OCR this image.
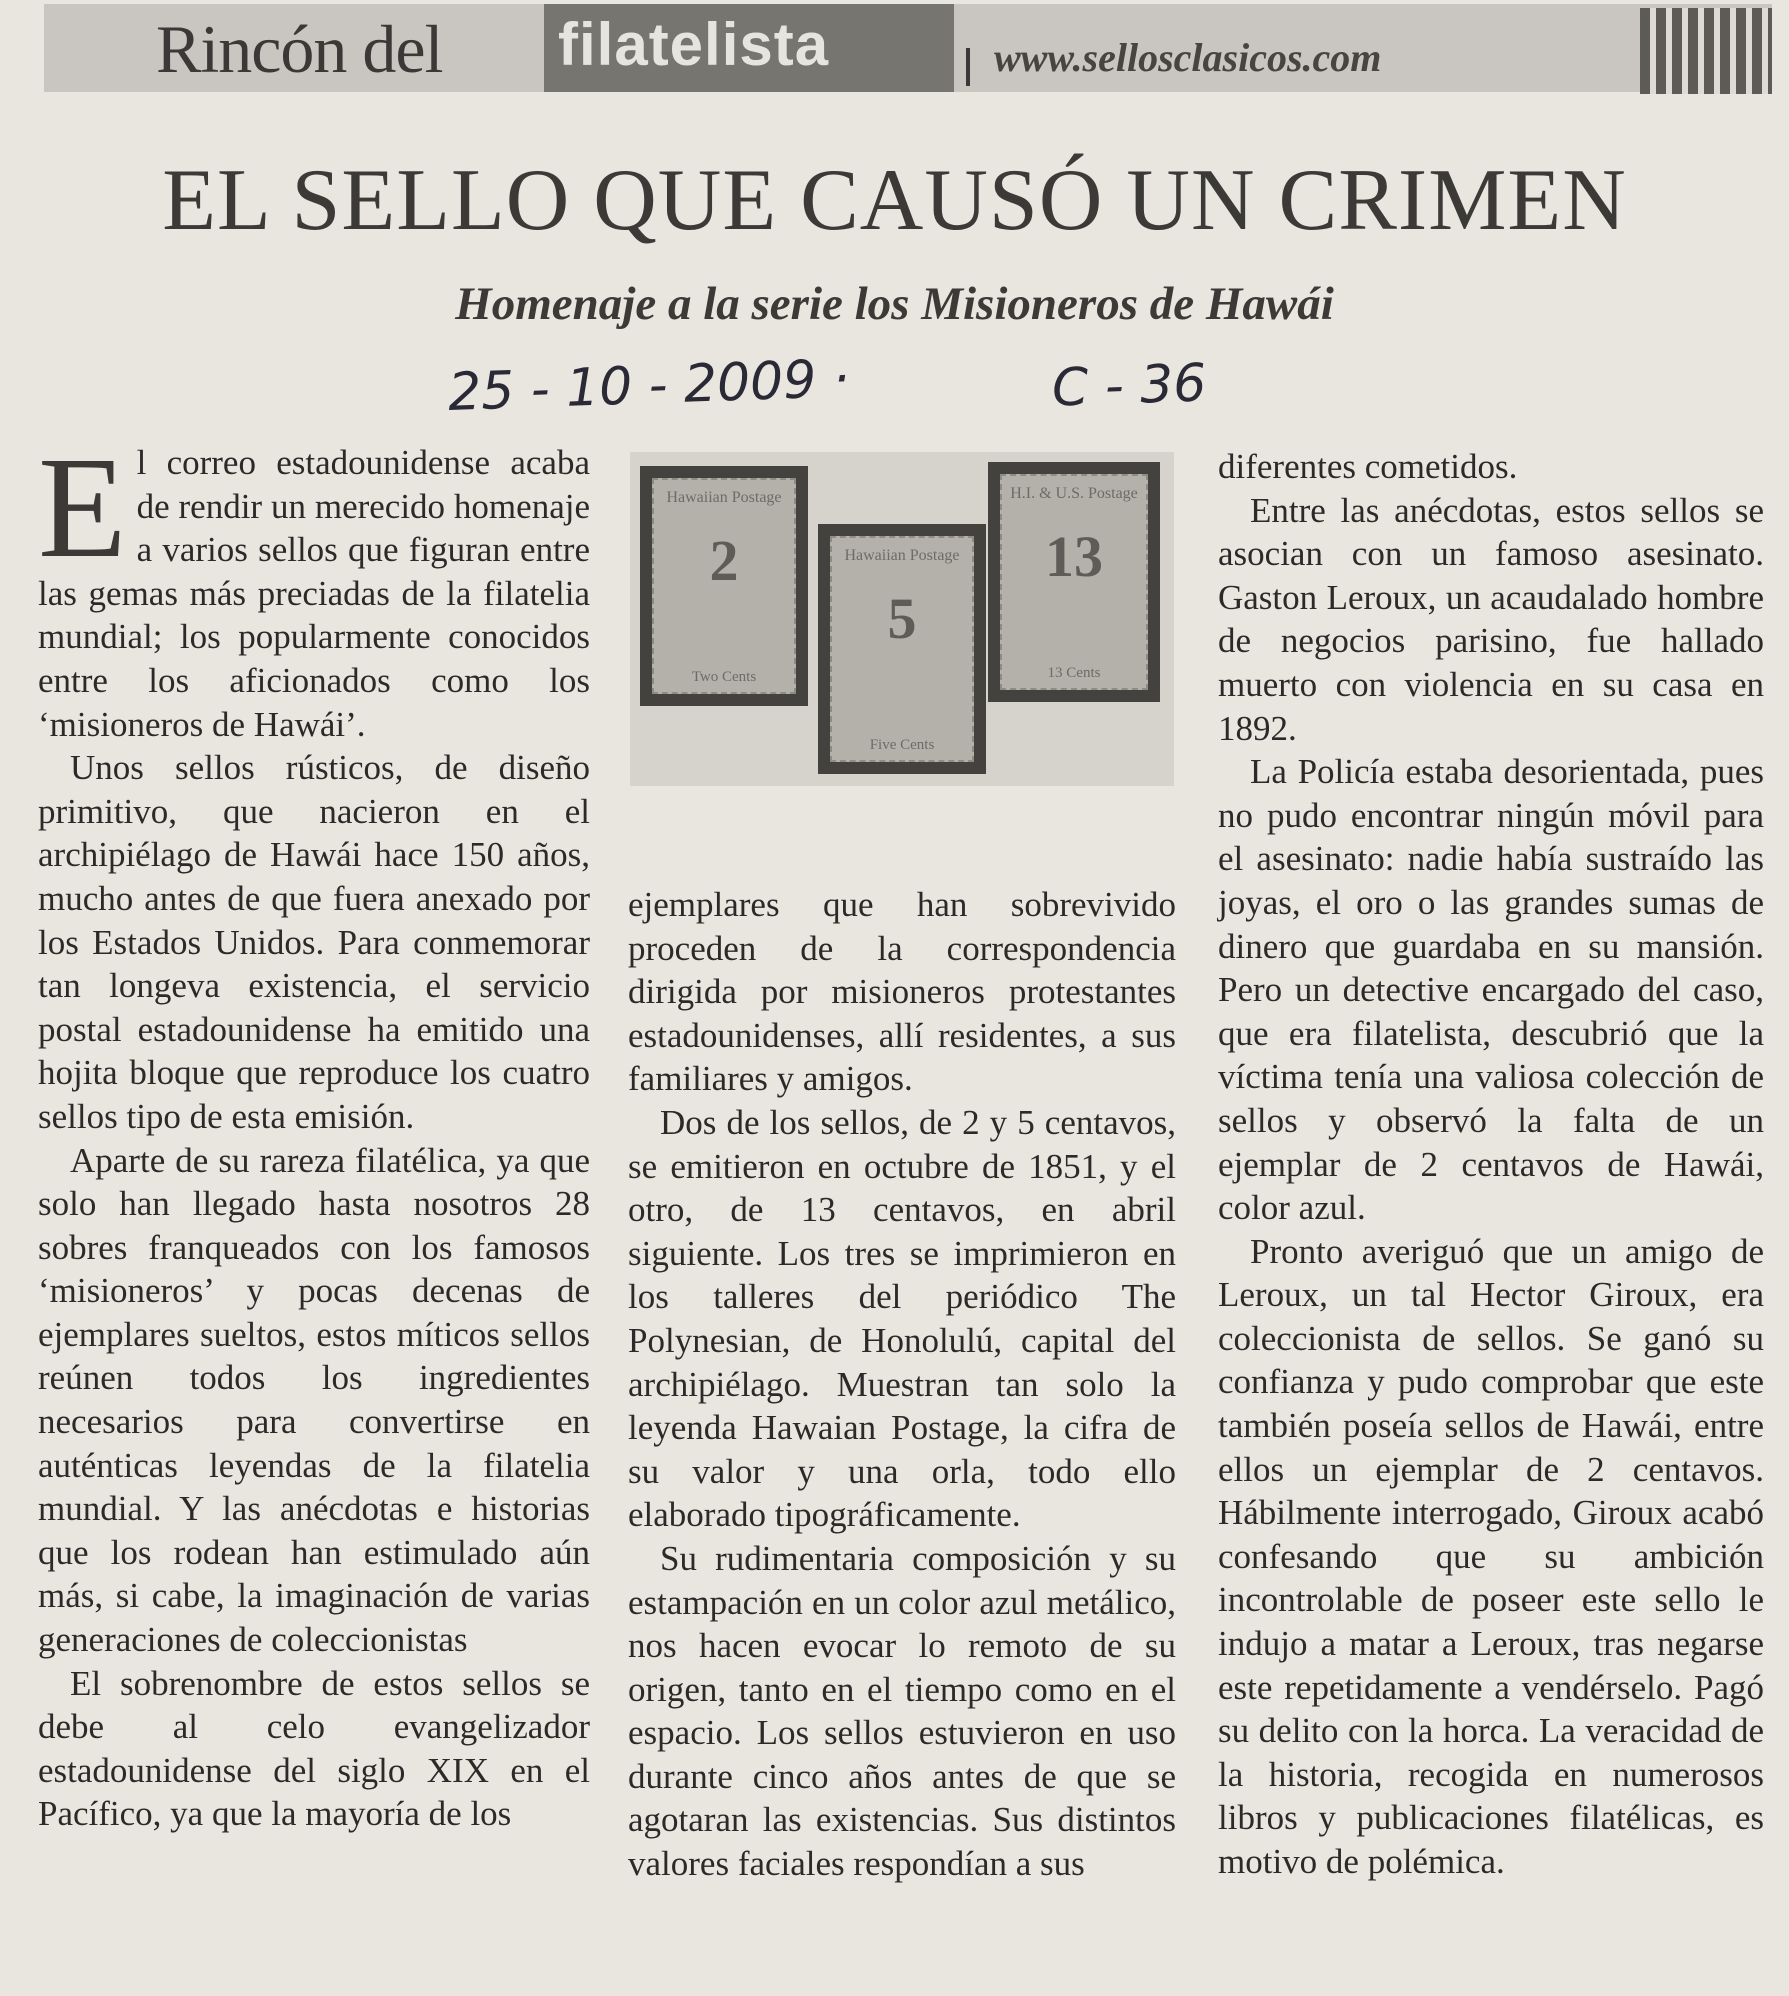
Rincón del filatelista	www.sellosclasicos.com
EL SELLO QUE CAUSÓ UN CRIMEN
Homenaje a la serie los Misioneros de Hawái
25 - 10 - 2009 ·	C - 36

El correo estadounidense acaba de rendir un merecido homenaje a varios sellos que figuran entre las gemas más preciadas de la filatelia mundial; los popularmente conocidos entre los aficionados como los ‘misioneros de Hawái’.

Unos sellos rústicos, de diseño primitivo, que nacieron en el archipiélago de Hawái hace 150 años, mucho antes de que fuera anexado por los Estados Unidos. Para conmemorar tan longeva existencia, el servicio postal estadounidense ha emitido una hojita bloque que reproduce los cuatro sellos tipo de esta emisión.

Aparte de su rareza filatélica, ya que solo han llegado hasta nosotros 28 sobres franqueados con los famosos ‘misioneros’ y pocas decenas de ejemplares sueltos, estos míticos sellos reúnen todos los ingredientes necesarios para convertirse en auténticas leyendas de la filatelia mundial. Y las anécdotas e historias que los rodean han estimulado aún más, si cabe, la imaginación de varias generaciones de coleccionistas

El sobrenombre de estos sellos se debe al celo evangelizador estadounidense del siglo XIX en el Pacífico, ya que la mayoría de los

Hawaiian Postage
2
Two Cents
H.I. & U.S. Postage
13
13 Cents
Hawaiian Postage
5
Five Cents

ejemplares que han sobrevivido proceden de la correspondencia dirigida por misioneros protestantes estadounidenses, allí residentes, a sus familiares y amigos.

Dos de los sellos, de 2 y 5 centavos, se emitieron en octubre de 1851, y el otro, de 13 centavos, en abril siguiente. Los tres se imprimieron en los talleres del periódico The Polynesian, de Honolulú, capital del archipiélago. Muestran tan solo la leyenda Hawaian Postage, la cifra de su valor y una orla, todo ello elaborado tipográficamente.

Su rudimentaria composición y su estampación en un color azul metálico, nos hacen evocar lo remoto de su origen, tanto en el tiempo como en el espacio. Los sellos estuvieron en uso durante cinco años antes de que se agotaran las existencias. Sus distintos valores faciales respondían a sus

diferentes cometidos.

Entre las anécdotas, estos sellos se asocian con un famoso asesinato. Gaston Leroux, un acaudalado hombre de negocios parisino, fue hallado muerto con violencia en su casa en 1892.

La Policía estaba desorientada, pues no pudo encontrar ningún móvil para el asesinato: nadie había sustraído las joyas, el oro o las grandes sumas de dinero que guardaba en su mansión. Pero un detective encargado del caso, que era filatelista, descubrió que la víctima tenía una valiosa colección de sellos y observó la falta de un ejemplar de 2 centavos de Hawái, color azul.

Pronto averiguó que un amigo de Leroux, un tal Hector Giroux, era coleccionista de sellos. Se ganó su confianza y pudo comprobar que este también poseía sellos de Hawái, entre ellos un ejemplar de 2 centavos. Hábilmente interrogado, Giroux acabó confesando que su ambición incontrolable de poseer este sello le indujo a matar a Leroux, tras negarse este repetidamente a vendérselo. Pagó su delito con la horca. La veracidad de la historia, recogida en numerosos libros y publicaciones filatélicas, es motivo de polémica.
